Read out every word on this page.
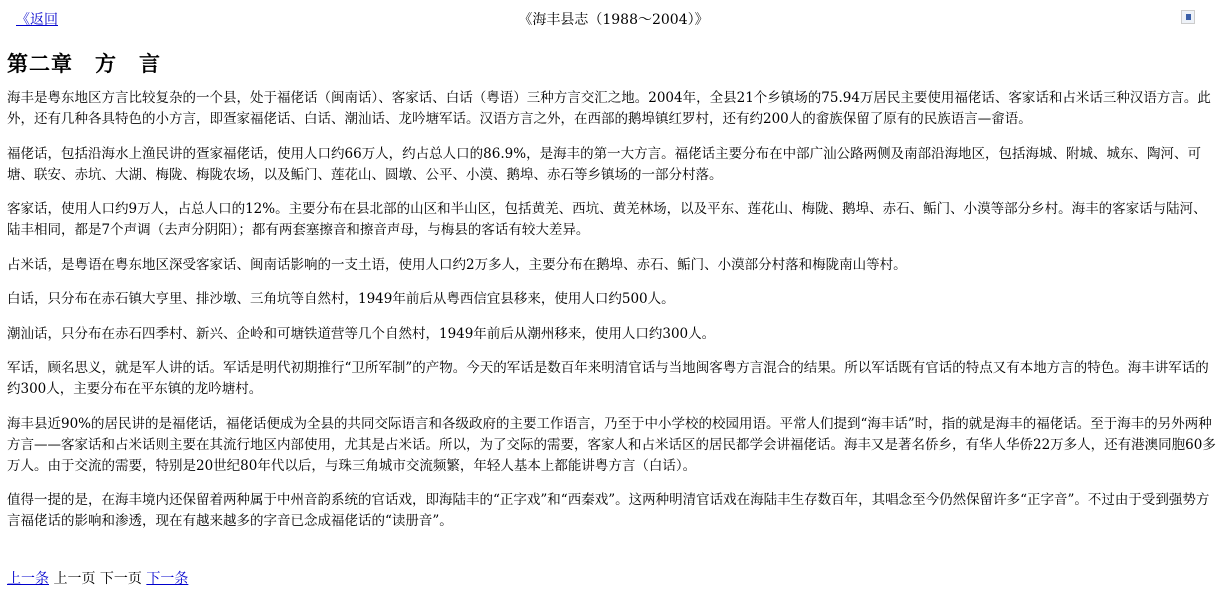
《返回	《海丰县志（1988～2004）》
第二章　方　言

海丰是粤东地区方言比较复杂的一个县，处于福佬话（闽南话）、客家话、白话（粤语）三种方言交汇之地。2004年，全县21个乡镇场的75.94万居民主要使用福佬话、客家话和占米话三种汉语方言。此外，还有几种各具特色的小方言，即疍家福佬话、白话、潮汕话、龙吟塘军话。汉语方言之外，在西部的鹅埠镇红罗村，还有约200人的畲族保留了原有的民族语言—畲语。

福佬话，包括沿海水上渔民讲的疍家福佬话，使用人口约66万人，约占总人口的86.9%，是海丰的第一大方言。福佬话主要分布在中部广汕公路两侧及南部沿海地区，包括海城、附城、城东、陶河、可塘、联安、赤坑、大湖、梅陇、梅陇农场，以及鲘门、莲花山、圆墩、公平、小漠、鹅埠、赤石等乡镇场的一部分村落。

客家话，使用人口约9万人，占总人口的12%。主要分布在县北部的山区和半山区，包括黄羌、西坑、黄羌林场，以及平东、莲花山、梅陇、鹅埠、赤石、鲘门、小漠等部分乡村。海丰的客家话与陆河、陆丰相同，都是7个声调（去声分阴阳）；都有两套塞擦音和擦音声母，与梅县的客话有较大差异。

占米话，是粤语在粤东地区深受客家话、闽南话影响的一支土语，使用人口约2万多人，主要分布在鹅埠、赤石、鲘门、小漠部分村落和梅陇南山等村。

白话，只分布在赤石镇大亨里、排沙墩、三角坑等自然村，1949年前后从粤西信宜县移来，使用人口约500人。

潮汕话，只分布在赤石四季村、新兴、企岭和可塘铁道营等几个自然村，1949年前后从潮州移来，使用人口约300人。

军话，顾名思义，就是军人讲的话。军话是明代初期推行“卫所军制”的产物。今天的军话是数百年来明清官话与当地闽客粤方言混合的结果。所以军话既有官话的特点又有本地方言的特色。海丰讲军话的约300人，主要分布在平东镇的龙吟塘村。

海丰县近90%的居民讲的是福佬话，福佬话便成为全县的共同交际语言和各级政府的主要工作语言，乃至于中小学校的校园用语。平常人们提到“海丰话”时，指的就是海丰的福佬话。至于海丰的另外两种方言——客家话和占米话则主要在其流行地区内部使用，尤其是占米话。所以，为了交际的需要，客家人和占米话区的居民都学会讲福佬话。海丰又是著名侨乡，有华人华侨22万多人，还有港澳同胞60多万人。由于交流的需要，特别是20世纪80年代以后，与珠三角城市交流频繁，年轻人基本上都能讲粤方言（白话）。

值得一提的是，在海丰境内还保留着两种属于中州音韵系统的官话戏，即海陆丰的“正字戏”和“西秦戏”。这两种明清官话戏在海陆丰生存数百年，其唱念至今仍然保留许多“正字音”。不过由于受到强势方言福佬话的影响和渗透，现在有越来越多的字音已念成福佬话的“读册音”。

上一条 上一页 下一页 下一条
